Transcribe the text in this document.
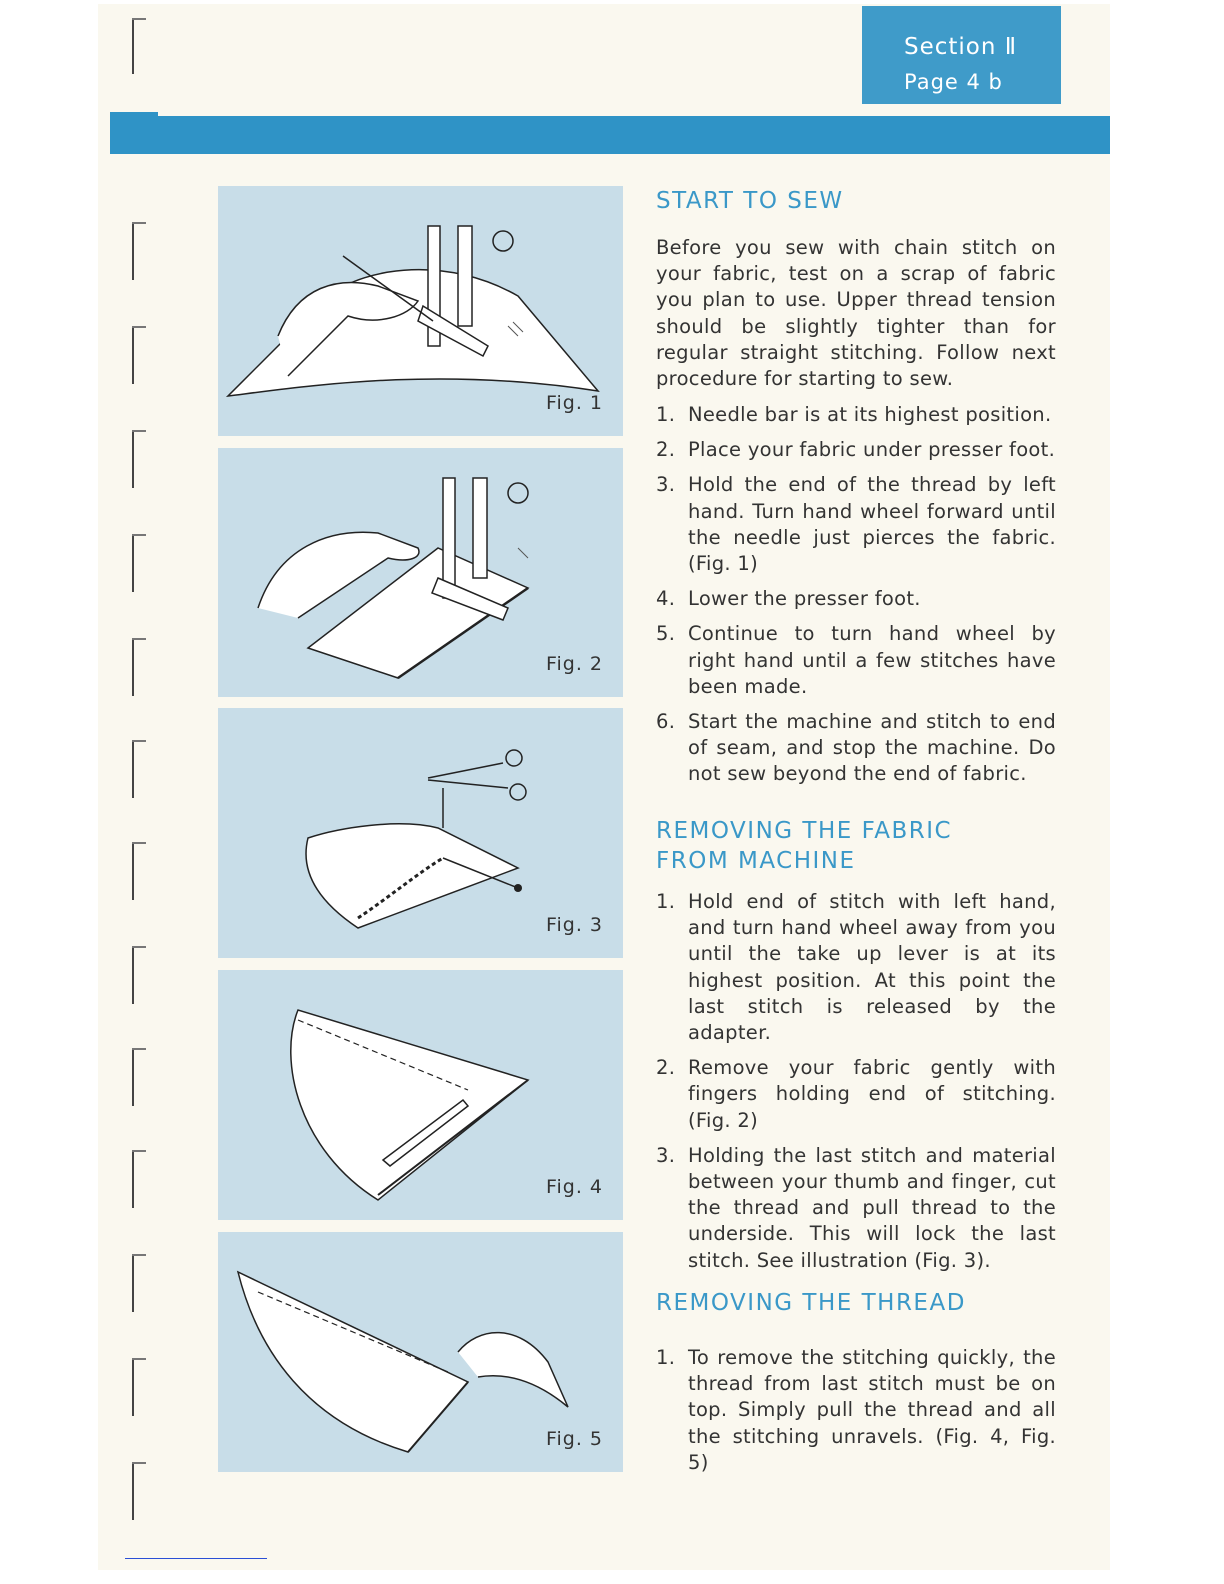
Section Ⅱ
Page 4 b
Fig. 1
Fig. 2
Fig. 3
Fig. 4
Fig. 5
START TO SEW

Before you sew with chain stitch on your fabric, test on a scrap of fabric you plan to use. Upper thread tension should be slightly tighter than for regular straight stitching. Follow next procedure for starting to sew.

1. Needle bar is at its highest position.
2. Place your fabric under presser foot.
3. Hold the end of the thread by left hand. Turn hand wheel forward until the needle just pierces the fabric. (Fig. 1)
4. Lower the presser foot.
5. Continue to turn hand wheel by right hand until a few stitches have been made.
6. Start the machine and stitch to end of seam, and stop the machine. Do not sew beyond the end of fabric.
REMOVING THE FABRIC
FROM MACHINE
1. Hold end of stitch with left hand, and turn hand wheel away from you until the take up lever is at its highest position. At this point the last stitch is released by the adapter.
2. Remove your fabric gently with fingers holding end of stitching. (Fig. 2)
3. Holding the last stitch and material between your thumb and finger, cut the thread and pull thread to the underside. This will lock the last stitch. See illustration (Fig. 3).
REMOVING THE THREAD
1. To remove the stitching quickly, the thread from last stitch must be on top. Simply pull the thread and all the stitching unravels. (Fig. 4, Fig. 5)
